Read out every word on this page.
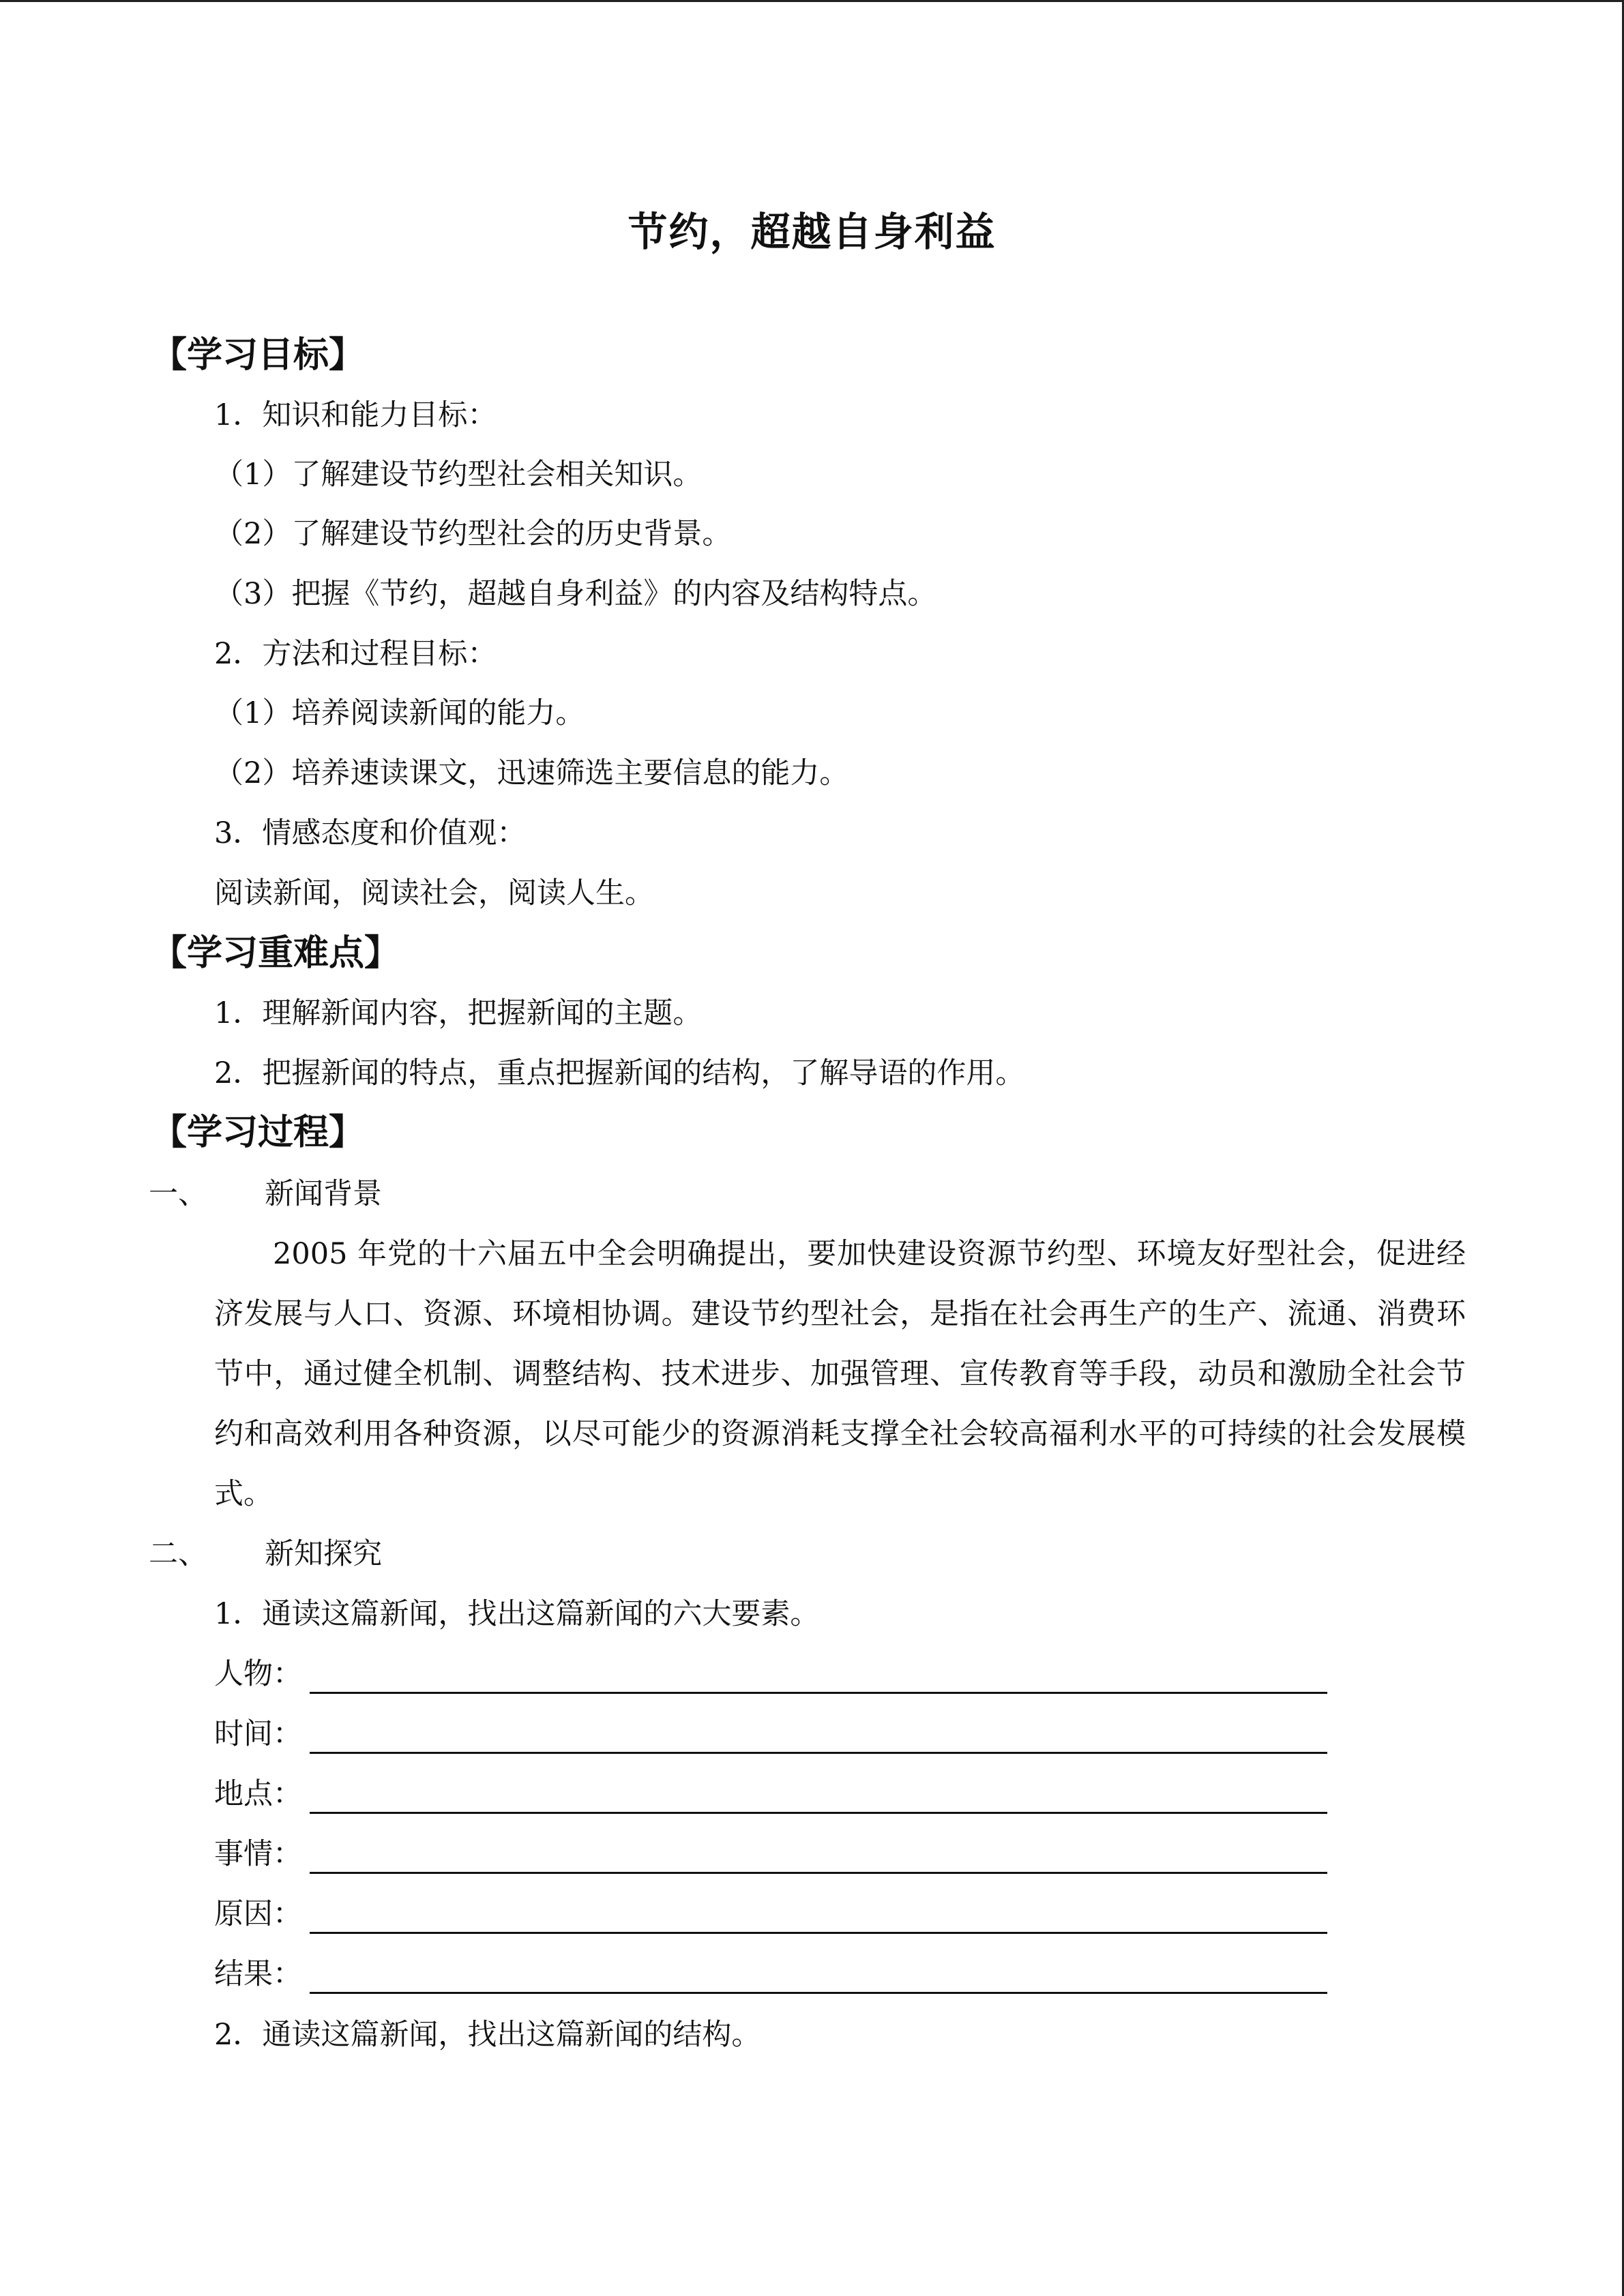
节约，超越自身利益
【学习目标】
1．知识和能力目标：
（1）了解建设节约型社会相关知识。
（2）了解建设节约型社会的历史背景。
（3）把握《节约，超越自身利益》的内容及结构特点。
2．方法和过程目标：
（1）培养阅读新闻的能力。
（2）培养速读课文，迅速筛选主要信息的能力。
3．情感态度和价值观：
阅读新闻，阅读社会，阅读人生。
【学习重难点】
1．理解新闻内容，把握新闻的主题。
2．把握新闻的特点，重点把握新闻的结构，了解导语的作用。
【学习过程】
一、 新闻背景
2005 年党的十六届五中全会明确提出，要加快建设资源节约型、环境友好型社会，促进经济发展与人口、资源、环境相协调。建设节约型社会，是指在社会再生产的生产、流通、消费环节中，通过健全机制、调整结构、技术进步、加强管理、宣传教育等手段，动员和激励全社会节约和高效利用各种资源，以尽可能少的资源消耗支撑全社会较高福利水平的可持续的社会发展模式。
二、 新知探究
1．通读这篇新闻，找出这篇新闻的六大要素。
人物：
时间：
地点：
事情：
原因：
结果：
2．通读这篇新闻，找出这篇新闻的结构。
